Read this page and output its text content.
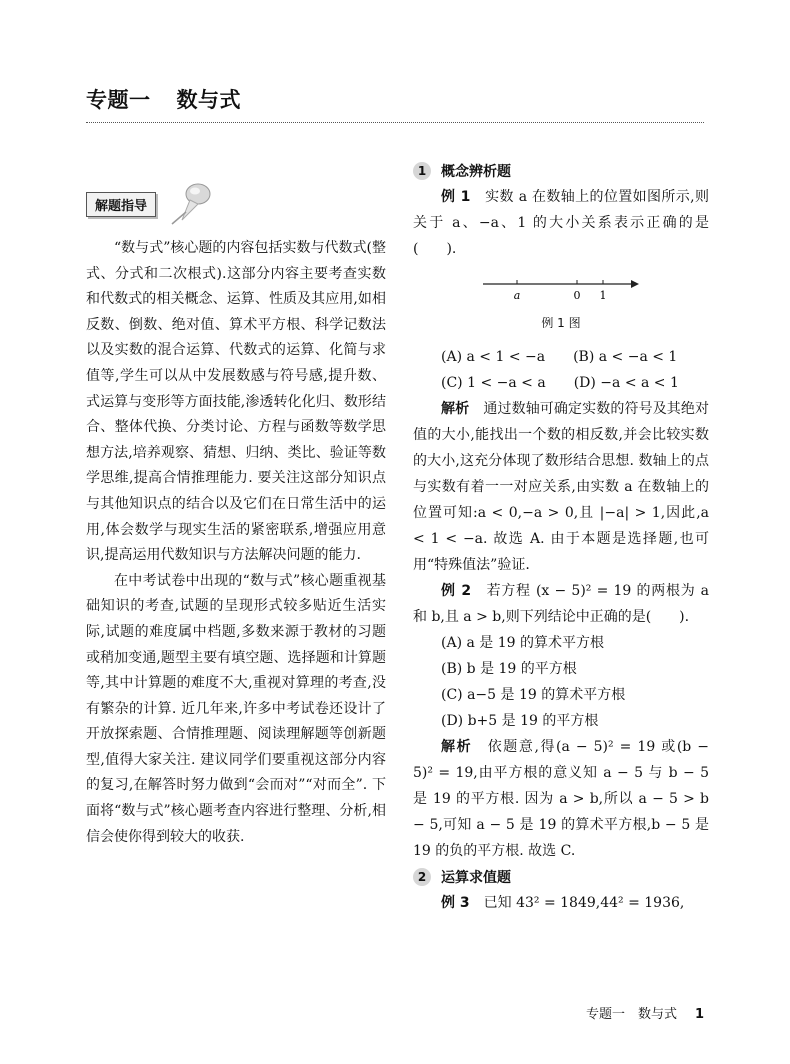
专题一 数与式
解题指导

“数与式”核心题的内容包括实数与代数式(整式、分式和二次根式).这部分内容主要考查实数和代数式的相关概念、运算、性质及其应用,如相反数、倒数、绝对值、算术平方根、科学记数法以及实数的混合运算、代数式的运算、化简与求值等,学生可以从中发展数感与符号感,提升数、式运算与变形等方面技能,渗透转化化归、数形结合、整体代换、分类讨论、方程与函数等数学思想方法,培养观察、猜想、归纳、类比、验证等数学思维,提高合情推理能力. 要关注这部分知识点与其他知识点的结合以及它们在日常生活中的运用,体会数学与现实生活的紧密联系,增强应用意识,提高运用代数知识与方法解决问题的能力.

在中考试卷中出现的“数与式”核心题重视基础知识的考查,试题的呈现形式较多贴近生活实际,试题的难度属中档题,多数来源于教材的习题或稍加变通,题型主要有填空题、选择题和计算题等,其中计算题的难度不大,重视对算理的考查,没有繁杂的计算. 近几年来,许多中考试卷还设计了开放探索题、合情推理题、阅读理解题等创新题型,值得大家关注. 建议同学们要重视这部分内容的复习,在解答时努力做到“会而对”“对而全”. 下面将“数与式”核心题考查内容进行整理、分析,相信会使你得到较大的收获.

1	概念辨析题

例 1　 实数 a 在数轴上的位置如图所示,则关于 a、−a、1 的大小关系表示正确的是(　　).

a	0 1
例 1 图

(A) a < 1 < −a　　 (B) a < −a < 1

(C) 1 < −a < a　　 (D) −a < a < 1

解析　 通过数轴可确定实数的符号及其绝对值的大小,能找出一个数的相反数,并会比较实数的大小,这充分体现了数形结合思想. 数轴上的点与实数有着一一对应关系,由实数 a 在数轴上的位置可知:a < 0,−a > 0,且 |−a| > 1,因此,a < 1 < −a. 故选 A. 由于本题是选择题,也可用“特殊值法”验证.

例 2　 若方程 (x − 5)² = 19 的两根为 a 和 b,且 a > b,则下列结论中正确的是(　　).

(A) a 是 19 的算术平方根

(B) b 是 19 的平方根

(C) a−5 是 19 的算术平方根

(D) b+5 是 19 的平方根

解析　 依题意,得(a − 5)² = 19 或(b − 5)² = 19,由平方根的意义知 a − 5 与 b − 5 是 19 的平方根. 因为 a > b,所以 a − 5 > b − 5,可知 a − 5 是 19 的算术平方根,b − 5 是 19 的负的平方根. 故选 C.

2	运算求值题

例 3　 已知 43² = 1849,44² = 1936,

专题一　数与式 1
